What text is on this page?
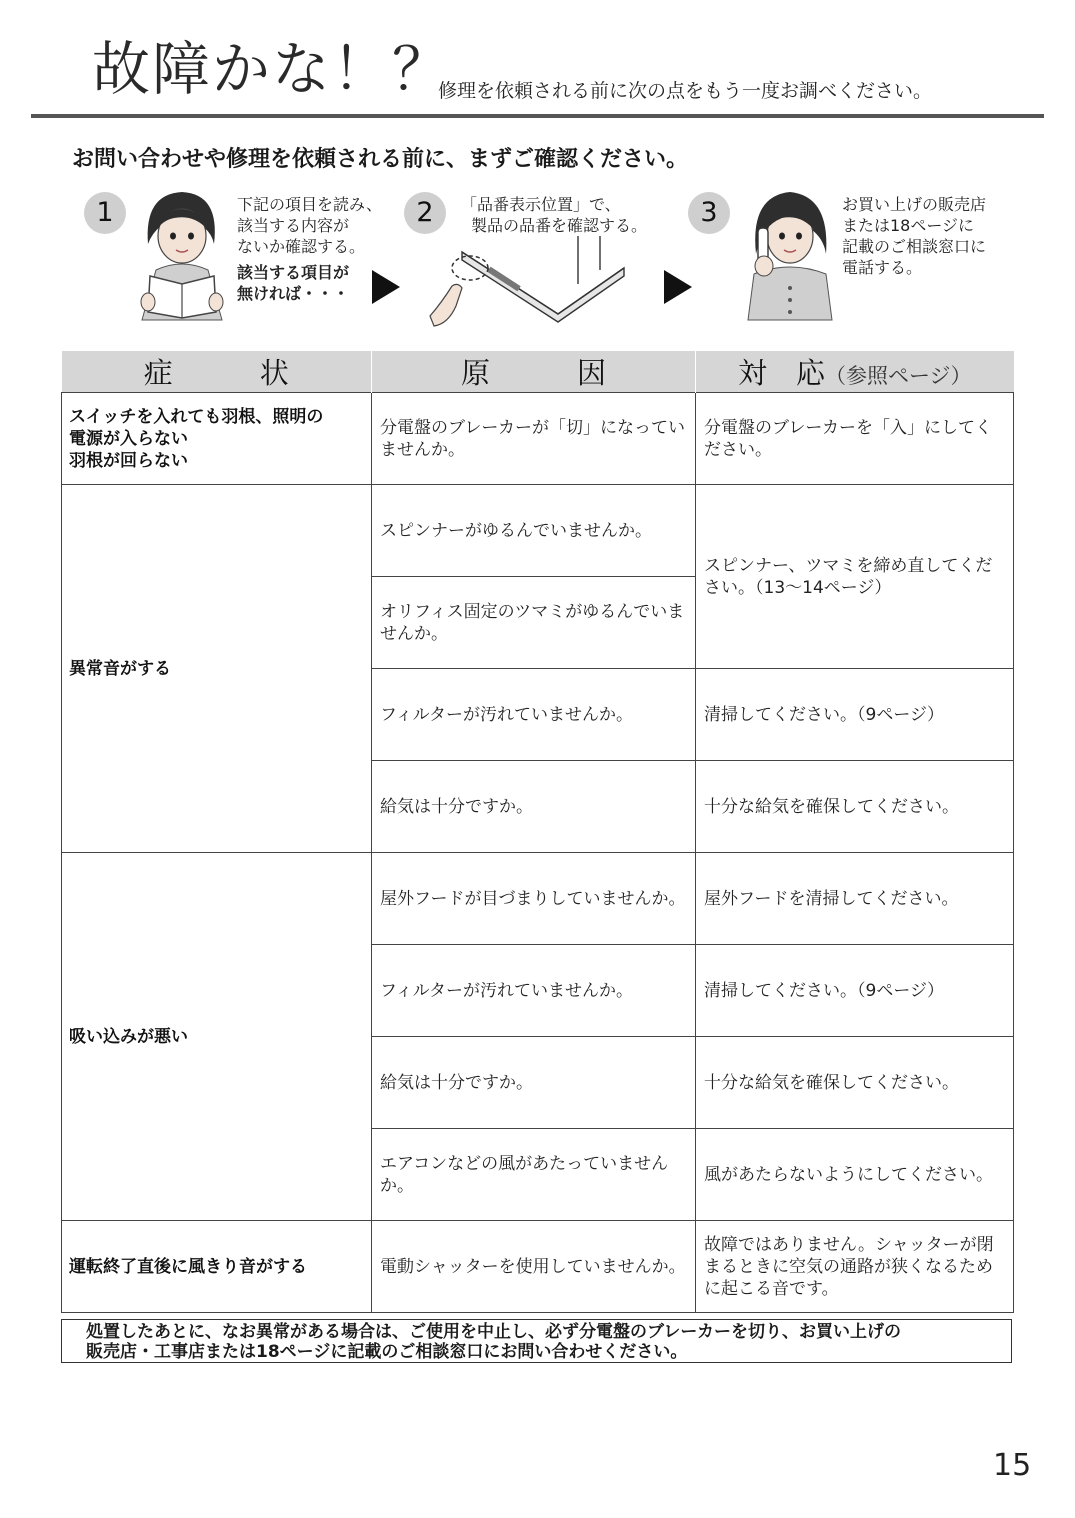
故障かな！？
修理を依頼される前に次の点をもう一度お調べください。
お問い合わせや修理を依頼される前に、まずご確認ください。
1	下記の項目を読み、
該当する内容が
ないか確認する。
該当する項目が
無ければ・・・
2	「品番表示位置」で、
製品の品番を確認する。	3	お買い上げの販売店
または18ページに
記載のご相談窓口に
電話する。
症　　　状	原　　　因	対　応（参照ページ）

スイッチを入れても羽根、照明の
電源が入らない
羽根が回らない	分電盤のブレーカーが「切」になっていませんか。	分電盤のブレーカーを「入」にしてください。
異常音がする	スピンナーがゆるんでいませんか。	スピンナー、ツマミを締め直してください。（13～14ページ）
	オリフィス固定のツマミがゆるんでいませんか。	
	フィルターが汚れていませんか。	清掃してください。（9ページ）
	給気は十分ですか。	十分な給気を確保してください。
吸い込みが悪い	屋外フードが目づまりしていませんか。	屋外フードを清掃してください。
	フィルターが汚れていませんか。	清掃してください。（9ページ）
	給気は十分ですか。	十分な給気を確保してください。
	エアコンなどの風があたっていませんか。	風があたらないようにしてください。
運転終了直後に風きり音がする	電動シャッターを使用していませんか。	故障ではありません。シャッターが閉まるときに空気の通路が狭くなるために起こる音です。
処置したあとに、なお異常がある場合は、ご使用を中止し、必ず分電盤のブレーカーを切り、お買い上げの
販売店・工事店または18ページに記載のご相談窓口にお問い合わせください。
15
